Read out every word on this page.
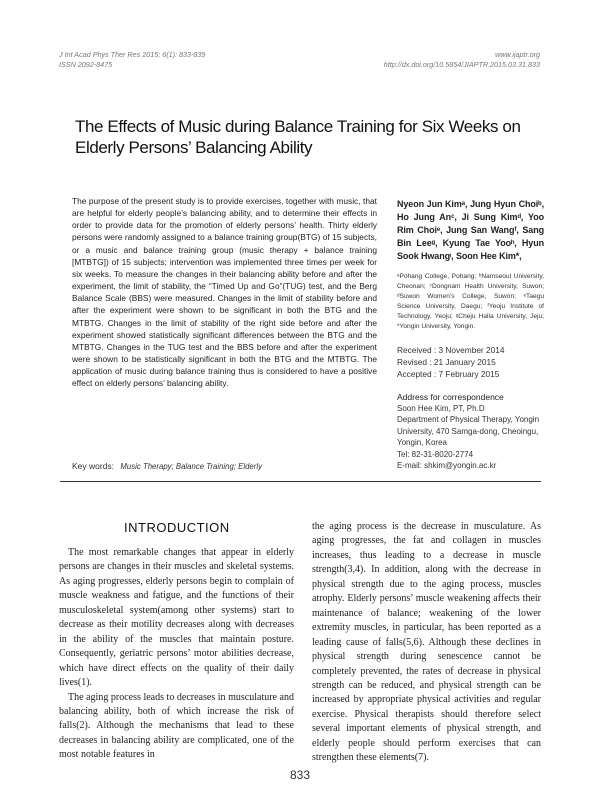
J Int Acad Phys Ther Res 2015; 6(1): 833-839
ISSN 2092-8475
www.ijaptr.org
http://dx.doi.org/10.5854/JIAPTR.2015.03.31.833
The Effects of Music during Balance Training for Six Weeks on Elderly Persons’ Balancing Ability

The purpose of the present study is to provide exercises, together with music, that are helpful for elderly people’s balancing ability, and to determine their effects in order to provide data for the promotion of elderly persons’ health. Thirty elderly persons were randomly assigned to a balance training group(BTG) of 15 subjects, or a music and balance training group (music therapy + balance training [MTBTG]) of 15 subjects; intervention was implemented three times per week for six weeks. To measure the changes in their balancing ability before and after the experiment, the limit of stability, the “Timed Up and Go”(TUG) test, and the Berg Balance Scale (BBS) were measured. Changes in the limit of stability before and after the experiment were shown to be significant in both the BTG and the MTBTG. Changes in the limit of stability of the right side before and after the experiment showed statistically significant differences between the BTG and the MTBTG. Changes in the TUG test and the BBS before and after the experiment were shown to be statistically significant in both the BTG and the MTBTG. The application of music during balance training thus is considered to have a positive effect on elderly persons’ balancing ability.

Key words: Music Therapy; Balance Training; Elderly

Nyeon Jun Kimᵃ, Jung Hyun Choiᵇ, Ho Jung Anᶜ, Ji Sung Kimᵈ, Yoo Rim Choiᵉ, Jung San Wangᶠ, Sang Bin Leeᵍ, Kyung Tae Yooʰ, Hyun Sook Hwangᶦ, Soon Hee Kim*,

ᵃPohang College, Pohang; ᵇNamseoul University, Cheonan; ᶜDongnam Health University, Suwon; ᵈSuwon Women’s College, Suwon; ᵉTaegu Science University, Daegu; ᶠYeoju Institute of Technology, Yeoju; ᵍCheju Halla University, Jeju; *Yongin University, Yongin.

Received : 3 November 2014
Revised : 21 January 2015
Accepted : 7 February 2015
Address for correspondence
Soon Hee Kim, PT, Ph.D
Department of Physical Therapy, Yongin University, 470 Samga-dong, Cheoingu, Yongin, Korea
Tel: 82-31-8020-2774
E-mail: shkim@yongin.ac.kr
INTRODUCTION

The most remarkable changes that appear in elderly persons are changes in their muscles and skeletal systems. As aging progresses, elderly persons begin to complain of muscle weakness and fatigue, and the functions of their musculoskeletal system(among other systems) start to decrease as their motility decreases along with decreases in the ability of the muscles that maintain posture. Consequently, geriatric persons’ motor abilities decrease, which have direct effects on the quality of their daily lives(1).

The aging process leads to decreases in musculature and balancing ability, both of which increase the risk of falls(2). Although the mechanisms that lead to these decreases in balancing ability are complicated, one of the most notable features in

the aging process is the decrease in musculature. As aging progresses, the fat and collagen in muscles increases, thus leading to a decrease in muscle strength(3,4). In addition, along with the decrease in physical strength due to the aging process, muscles atrophy. Elderly persons’ muscle weakening affects their maintenance of balance; weakening of the lower extremity muscles, in particular, has been reported as a leading cause of falls(5,6). Although these declines in physical strength during senescence cannot be completely prevented, the rates of decrease in physical strength can be reduced, and physical strength can be increased by appropriate physical activities and regular exercise. Physical therapists should therefore select several important elements of physical strength, and elderly people should perform exercises that can strengthen these elements(7).

833
